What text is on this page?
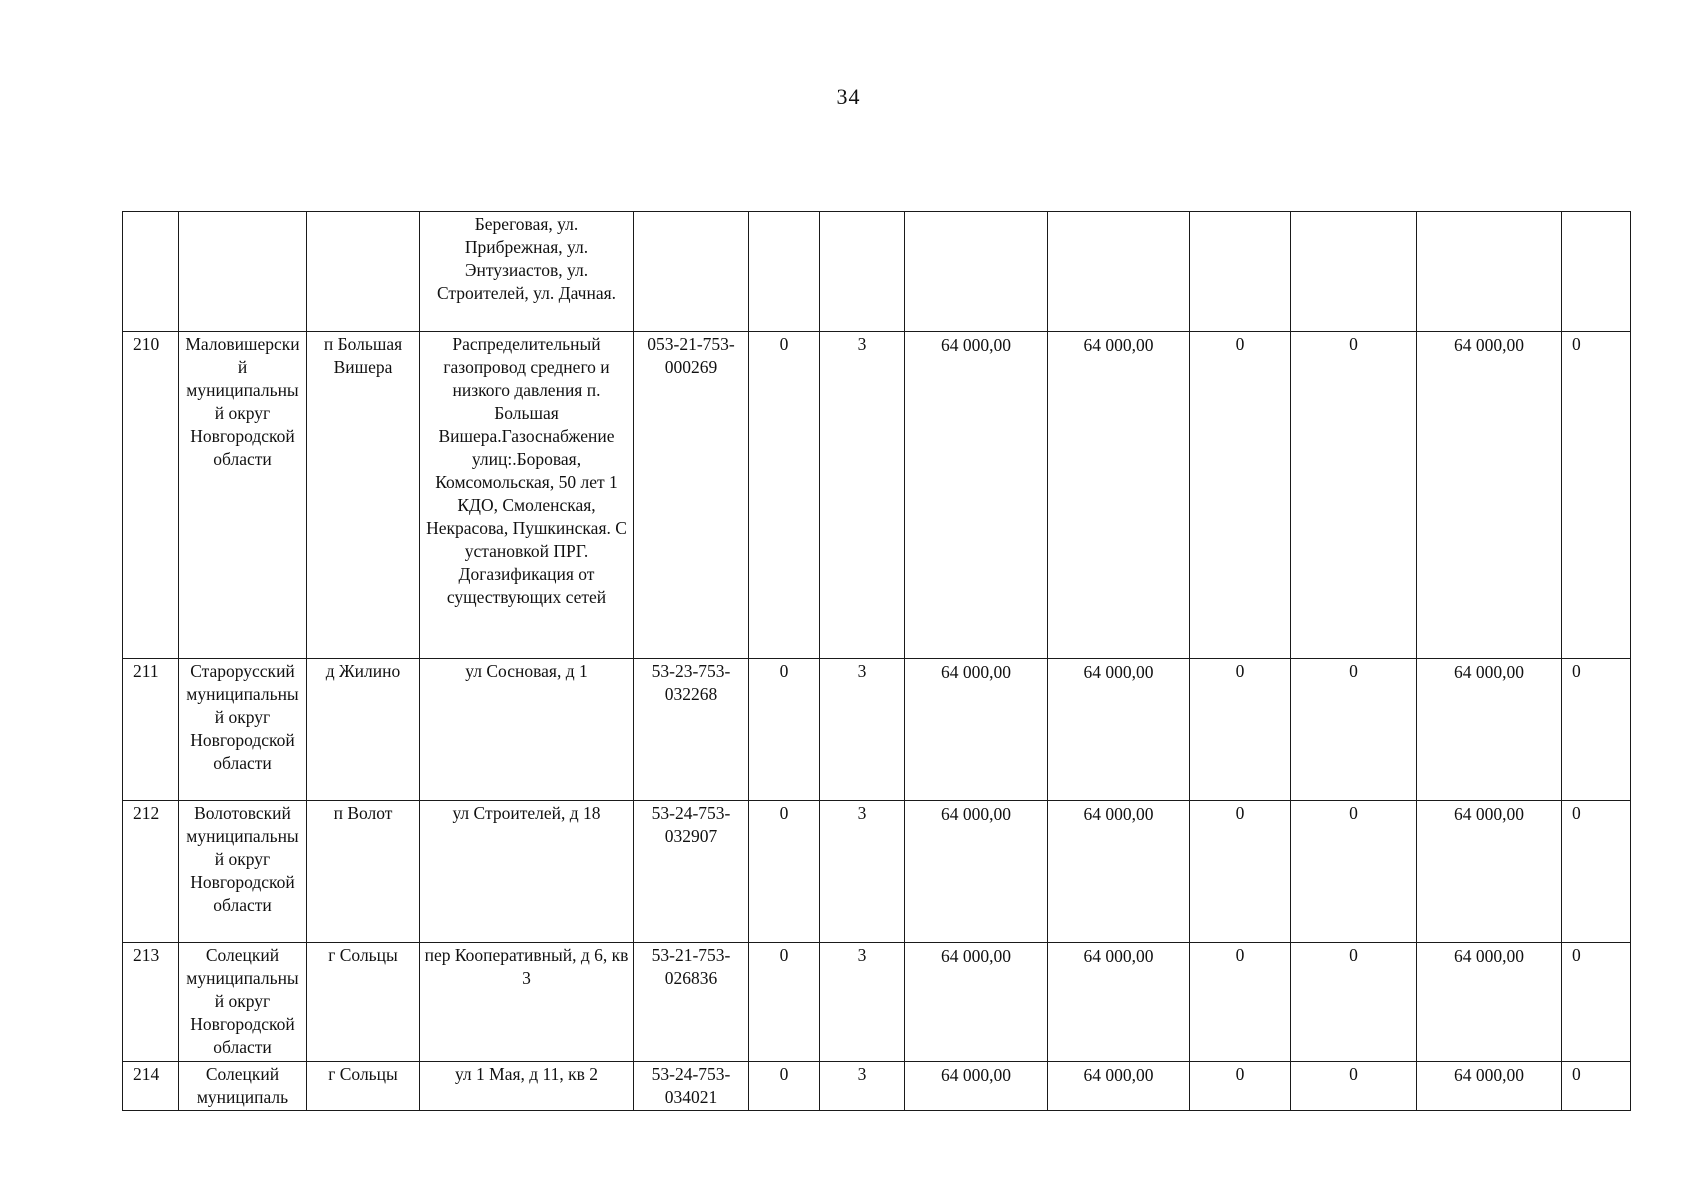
34
			Береговая, ул. Прибрежная, ул. Энтузиастов, ул. Строителей, ул. Дачная.									
210	Маловишерский муниципальный округ Новгородской области	п Большая Вишера	Распределительный газопровод среднего и низкого давления п. Большая Вишера.Газоснабжение улиц:.Боровая, Комсомольская, 50 лет 1 КДО, Смоленская, Некрасова, Пушкинская. С установкой ПРГ. Догазификация от существующих сетей	053-21-753-000269	0	3	64 000,00	64 000,00	0	0	64 000,00	0
211	Старорусский муниципальный округ Новгородской области	д Жилино	ул Сосновая, д 1	53-23-753-032268	0	3	64 000,00	64 000,00	0	0	64 000,00	0
212	Волотовский муниципальный округ Новгородской области	п Волот	ул Строителей, д 18	53-24-753-032907	0	3	64 000,00	64 000,00	0	0	64 000,00	0
213	Солецкий муниципальный округ Новгородской области	г Сольцы	пер Кооперативный, д 6, кв 3	53-21-753-026836	0	3	64 000,00	64 000,00	0	0	64 000,00	0
214	Солецкий муниципаль	г Сольцы	ул 1 Мая, д 11, кв 2	53-24-753-034021	0	3	64 000,00	64 000,00	0	0	64 000,00	0
